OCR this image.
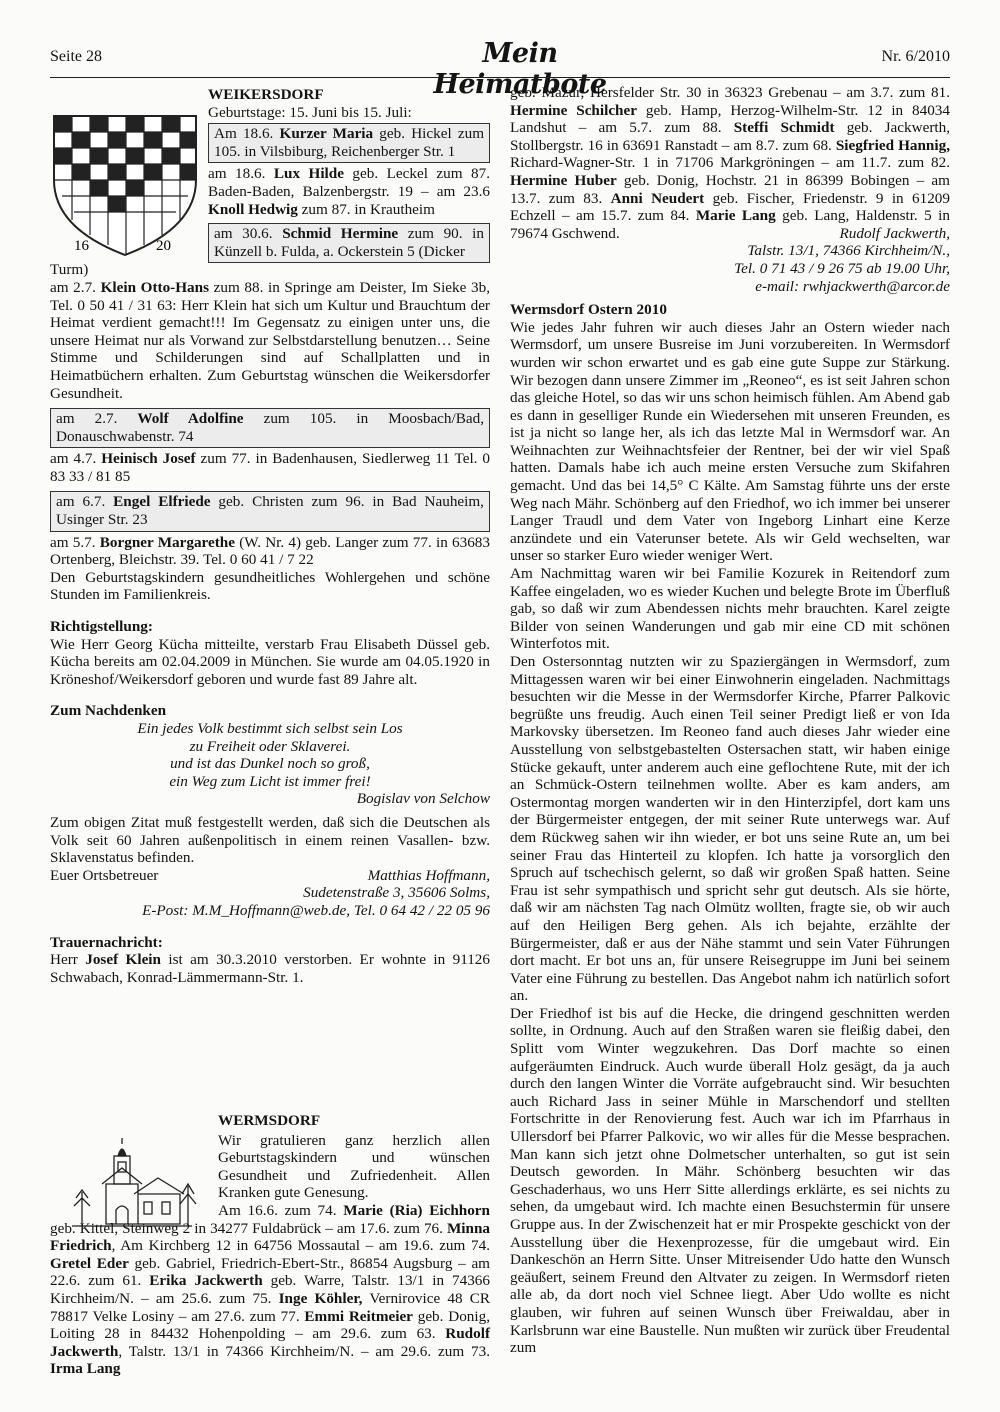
Seite 28	Mein Heimatbote
Nr. 6/2010
16	20

WEIKERSDORF

Geburtstage: 15. Juni bis 15. Juli:

Am 18.6. Kurzer Maria geb. Hickel zum 105. in Vilsbiburg, Reichenberger Str. 1

am 18.6. Lux Hilde geb. Leckel zum 87. Baden-Baden, Balzenbergstr. 19 – am 23.6 Knoll Hedwig zum 87. in Krautheim

am 30.6. Schmid Hermine zum 90. in Künzell b. Fulda, a. Ockerstein 5 (Dicker

Turm)

am 2.7. Klein Otto-Hans zum 88. in Springe am Deister, Im Sieke 3b, Tel. 0 50 41 / 31 63: Herr Klein hat sich um Kultur und Brauchtum der Heimat verdient gemacht!!! Im Gegensatz zu einigen unter uns, die unsere Heimat nur als Vorwand zur Selbstdarstellung benutzen… Seine Stimme und Schilderungen sind auf Schallplatten und in Heimatbüchern erhalten. Zum Geburtstag wünschen die Weikersdorfer Gesundheit.

am 2.7. Wolf Adolfine zum 105. in Moosbach/Bad, Donauschwabenstr. 74

am 4.7. Heinisch Josef zum 77. in Badenhausen, Siedlerweg 11 Tel. 0 83 33 / 81 85

am 6.7. Engel Elfriede geb. Christen zum 96. in Bad Nauheim, Usinger Str. 23

am 5.7. Borgner Margarethe (W. Nr. 4) geb. Langer zum 77. in 63683 Ortenberg, Bleichstr. 39. Tel. 0 60 41 / 7 22

Den Geburtstagskindern gesundheitliches Wohlergehen und schöne Stunden im Familienkreis.

Richtigstellung:

Wie Herr Georg Kücha mitteilte, verstarb Frau Elisabeth Düssel geb. Kücha bereits am 02.04.2009 in München. Sie wurde am 04.05.1920 in Kröneshof/Weikersdorf geboren und wurde fast 89 Jahre alt.

Zum Nachdenken

Ein jedes Volk bestimmt sich selbst sein Los

zu Freiheit oder Sklaverei.

und ist das Dunkel noch so groß,

ein Weg zum Licht ist immer frei!

Bogislav von Selchow

Zum obigen Zitat muß festgestellt werden, daß sich die Deutschen als Volk seit 60 Jahren außenpolitisch in einem reinen Vasallen- bzw. Sklavenstatus befinden.

Euer Ortsbetreuer	Matthias Hoffmann,

Sudetenstraße 3, 35606 Solms,

E-Post: M.M_Hoffmann@web.de, Tel. 0 64 42 / 22 05 96

Trauernachricht:

Herr Josef Klein ist am 30.3.2010 verstorben. Er wohnte in 91126 Schwabach, Konrad-Lämmermann-Str. 1.

WERMSDORF

Wir gratulieren ganz herzlich allen Geburtstagskindern und wünschen Gesundheit und Zufriedenheit. Allen Kranken gute Genesung.

Am 16.6. zum 74. Marie (Ria) Eichhorn geb. Kittel, Steinweg 2 in 34277 Fuldabrück – am 17.6. zum 76. Minna Friedrich, Am Kirchberg 12 in 64756 Mossautal – am 19.6. zum 74. Gretel Eder geb. Gabriel, Friedrich-Ebert-Str., 86854 Augsburg – am 22.6. zum 61. Erika Jackwerth geb. Warre, Talstr. 13/1 in 74366 Kirchheim/N. – am 25.6. zum 75. Inge Köhler, Vernirovice 48 CR 78817 Velke Losiny – am 27.6. zum 77. Emmi Reitmeier geb. Donig, Loiting 28 in 84432 Hohenpolding – am 29.6. zum 63. Rudolf Jackwerth, Talstr. 13/1 in 74366 Kirchheim/N. – am 29.6. zum 73. Irma Lang

geb. Mazur, Hersfelder Str. 30 in 36323 Grebenau – am 3.7. zum 81. Hermine Schilcher geb. Hamp, Herzog-Wilhelm-Str. 12 in 84034 Landshut – am 5.7. zum 88. Steffi Schmidt geb. Jackwerth, Stollbergstr. 16 in 63691 Ranstadt – am 8.7. zum 68. Siegfried Hannig, Richard-Wagner-Str. 1 in 71706 Markgröningen – am 11.7. zum 82. Hermine Huber geb. Donig, Hochstr. 21 in 86399 Bobingen – am 13.7. zum 83. Anni Neudert geb. Fischer, Friedenstr. 9 in 61209 Echzell – am 15.7. zum 84. Marie Lang geb. Lang, Haldenstr. 5 in 79674 Gschwend.	Rudolf Jackwerth,

Talstr. 13/1, 74366 Kirchheim/N.,

Tel. 0 71 43 / 9 26 75 ab 19.00 Uhr,

e-mail: rwhjackwerth@arcor.de

Wermsdorf Ostern 2010

Wie jedes Jahr fuhren wir auch dieses Jahr an Ostern wieder nach Wermsdorf, um unsere Busreise im Juni vorzubereiten. In Wermsdorf wurden wir schon erwartet und es gab eine gute Suppe zur Stärkung. Wir bezogen dann unsere Zimmer im „Reoneo“, es ist seit Jahren schon das gleiche Hotel, so das wir uns schon heimisch fühlen. Am Abend gab es dann in geselliger Runde ein Wiedersehen mit unseren Freunden, es ist ja nicht so lange her, als ich das letzte Mal in Wermsdorf war. An Weihnachten zur Weihnachtsfeier der Rentner, bei der wir viel Spaß hatten. Damals habe ich auch meine ersten Versuche zum Skifahren gemacht. Und das bei 14,5° C Kälte. Am Samstag führte uns der erste Weg nach Mähr. Schönberg auf den Friedhof, wo ich immer bei unserer Langer Traudl und dem Vater von Ingeborg Linhart eine Kerze anzündete und ein Vaterunser betete. Als wir Geld wechselten, war unser so starker Euro wieder weniger Wert.

Am Nachmittag waren wir bei Familie Kozurek in Reitendorf zum Kaffee eingeladen, wo es wieder Kuchen und belegte Brote im Überfluß gab, so daß wir zum Abendessen nichts mehr brauchten. Karel zeigte Bilder von seinen Wanderungen und gab mir eine CD mit schönen Winterfotos mit.

Den Ostersonntag nutzten wir zu Spaziergängen in Wermsdorf, zum Mittagessen waren wir bei einer Einwohnerin eingeladen. Nachmittags besuchten wir die Messe in der Wermsdorfer Kirche, Pfarrer Palkovic begrüßte uns freudig. Auch einen Teil seiner Predigt ließ er von Ida Markovsky übersetzen. Im Reoneo fand auch dieses Jahr wieder eine Ausstellung von selbstgebastelten Ostersachen statt, wir haben einige Stücke gekauft, unter anderem auch eine geflochtene Rute, mit der ich an Schmück-Ostern teilnehmen wollte. Aber es kam anders, am Ostermontag morgen wanderten wir in den Hinterzipfel, dort kam uns der Bürgermeister entgegen, der mit seiner Rute unterwegs war. Auf dem Rückweg sahen wir ihn wieder, er bot uns seine Rute an, um bei seiner Frau das Hinterteil zu klopfen. Ich hatte ja vorsorglich den Spruch auf tschechisch gelernt, so daß wir großen Spaß hatten. Seine Frau ist sehr sympathisch und spricht sehr gut deutsch. Als sie hörte, daß wir am nächsten Tag nach Olmütz wollten, fragte sie, ob wir auch auf den Heiligen Berg gehen. Als ich bejahte, erzählte der Bürgermeister, daß er aus der Nähe stammt und sein Vater Führungen dort macht. Er bot uns an, für unsere Reisegruppe im Juni bei seinem Vater eine Führung zu bestellen. Das Angebot nahm ich natürlich sofort an.

Der Friedhof ist bis auf die Hecke, die dringend geschnitten werden sollte, in Ordnung. Auch auf den Straßen waren sie fleißig dabei, den Splitt vom Winter wegzukehren. Das Dorf machte so einen aufgeräumten Eindruck. Auch wurde überall Holz gesägt, da ja auch durch den langen Winter die Vorräte aufgebraucht sind. Wir besuchten auch Richard Jass in seiner Mühle in Marschendorf und stellten Fortschritte in der Renovierung fest. Auch war ich im Pfarrhaus in Ullersdorf bei Pfarrer Palkovic, wo wir alles für die Messe besprachen. Man kann sich jetzt ohne Dolmetscher unterhalten, so gut ist sein Deutsch geworden. In Mähr. Schönberg besuchten wir das Geschaderhaus, wo uns Herr Sitte allerdings erklärte, es sei nichts zu sehen, da umgebaut wird. Ich machte einen Besuchstermin für unsere Gruppe aus. In der Zwischenzeit hat er mir Prospekte geschickt von der Ausstellung über die Hexenprozesse, für die umgebaut wird. Ein Dankeschön an Herrn Sitte. Unser Mitreisender Udo hatte den Wunsch geäußert, seinem Freund den Altvater zu zeigen. In Wermsdorf rieten alle ab, da dort noch viel Schnee liegt. Aber Udo wollte es nicht glauben, wir fuhren auf seinen Wunsch über Freiwaldau, aber in Karlsbrunn war eine Baustelle. Nun mußten wir zurück über Freudental zum
